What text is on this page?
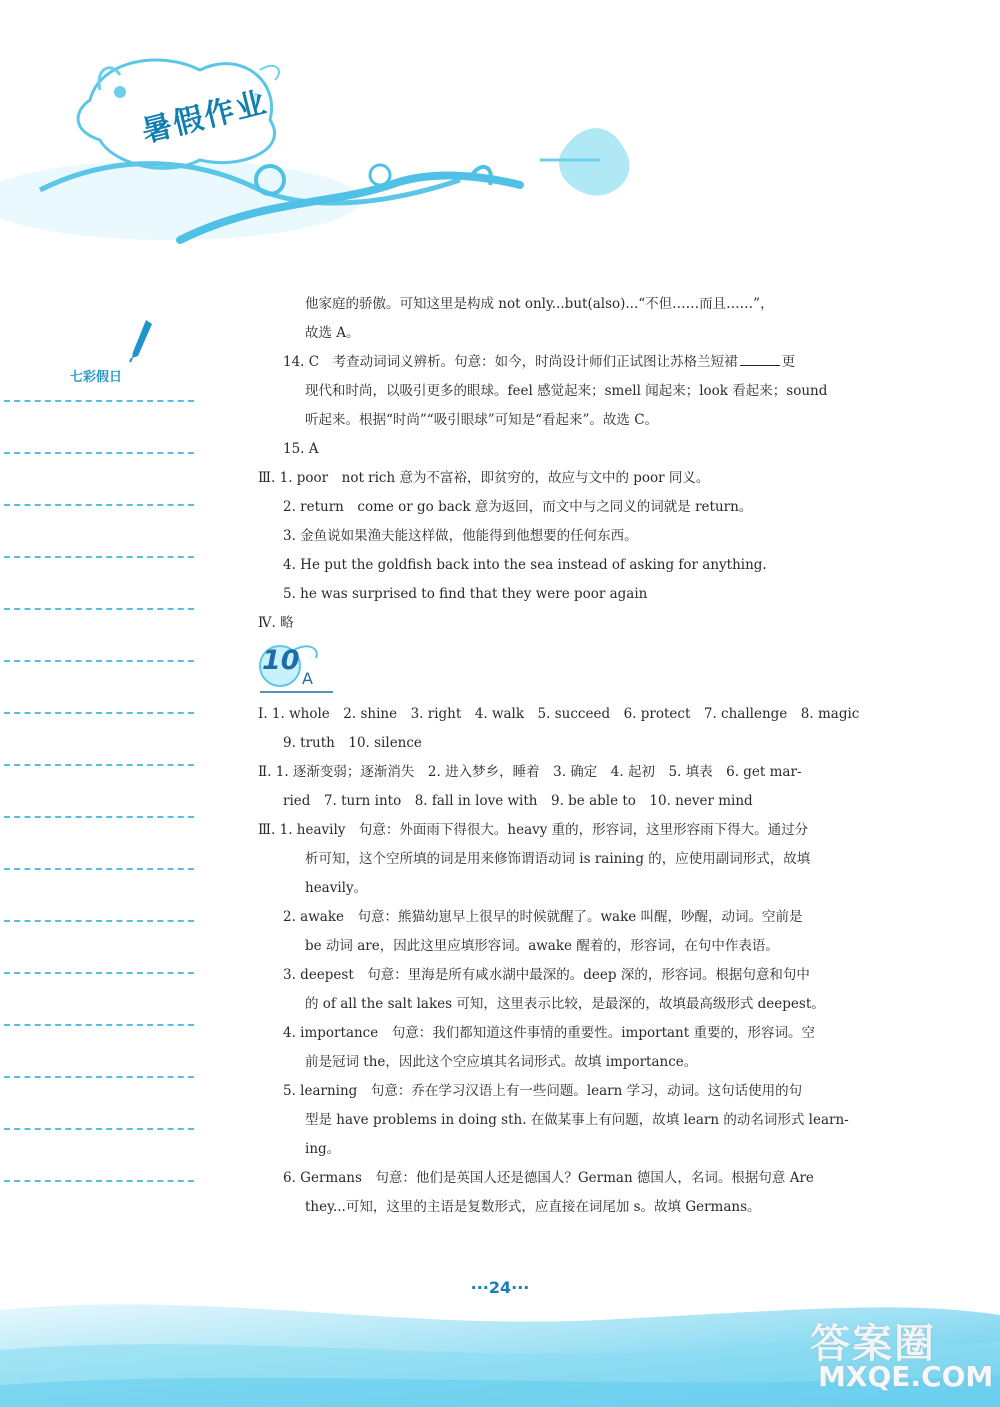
暑假作业
七彩假日
他家庭的骄傲。可知这里是构成 not only...but(also)...“不但……而且……”，
故选 A。
14. C　考查动词词义辨析。句意：如今，时尚设计师们正试图让苏格兰短裙	更
现代和时尚，以吸引更多的眼球。feel 感觉起来；smell 闻起来；look 看起来；sound
听起来。根据“时尚”“吸引眼球”可知是“看起来”。故选 C。
15. A
Ⅲ. 1. poor　not rich 意为不富裕，即贫穷的，故应与文中的 poor 同义。
2. return　come or go back 意为返回，而文中与之同义的词就是 return。
3. 金鱼说如果渔夫能这样做，他能得到他想要的任何东西。
4. He put the goldfish back into the sea instead of asking for anything.
5. he was surprised to find that they were poor again
Ⅳ. 略
10
A
Ⅰ. 1. whole　2. shine　3. right　4. walk　5. succeed　6. protect　7. challenge　8. magic
9. truth　10. silence
Ⅱ. 1. 逐渐变弱；逐渐消失　2. 进入梦乡，睡着　3. 确定　4. 起初　5. 填表　6. get mar-
ried　7. turn into　8. fall in love with　9. be able to　10. never mind
Ⅲ. 1. heavily　句意：外面雨下得很大。heavy 重的，形容词，这里形容雨下得大。通过分
析可知，这个空所填的词是用来修饰谓语动词 is raining 的，应使用副词形式，故填
heavily。
2. awake　句意：熊猫幼崽早上很早的时候就醒了。wake 叫醒，吵醒，动词。空前是
be 动词 are，因此这里应填形容词。awake 醒着的，形容词，在句中作表语。
3. deepest　句意：里海是所有咸水湖中最深的。deep 深的，形容词。根据句意和句中
的 of all the salt lakes 可知，这里表示比较，是最深的，故填最高级形式 deepest。
4. importance　句意：我们都知道这件事情的重要性。important 重要的，形容词。空
前是冠词 the，因此这个空应填其名词形式。故填 importance。
5. learning　句意：乔在学习汉语上有一些问题。learn 学习，动词。这句话使用的句
型是 have problems in doing sth. 在做某事上有问题，故填 learn 的动名词形式 learn-
ing。
6. Germans　句意：他们是英国人还是德国人？German 德国人，名词。根据句意 Are
they...可知，这里的主语是复数形式，应直接在词尾加 s。故填 Germans。
···24···
答案圈
MXQE.COM
